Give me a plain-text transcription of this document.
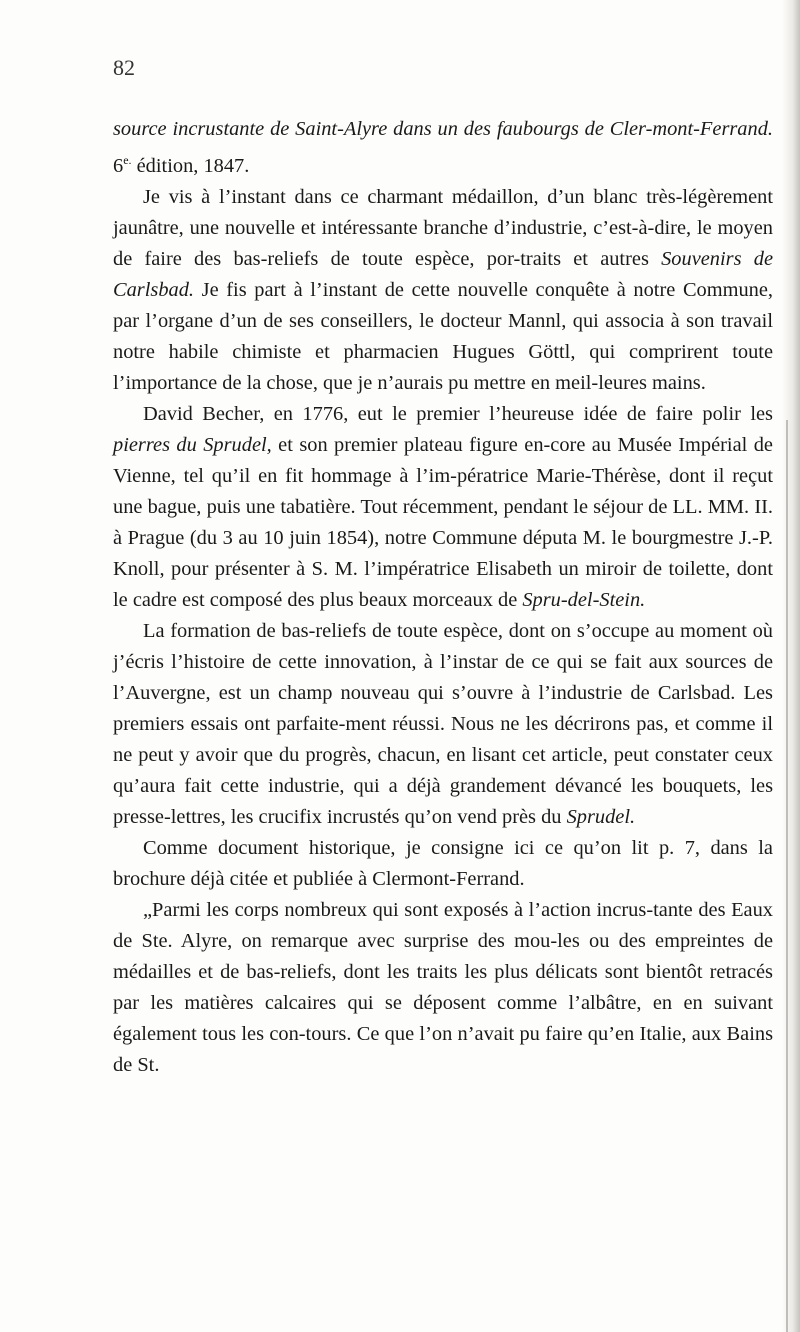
82

source incrustante de Saint-Alyre dans un des faubourgs de Cler-mont-Ferrand. $6^{e.}$ édition, 1847.

Je vis à l’instant dans ce charmant médaillon, d’un blanc très-légèrement jaunâtre, une nouvelle et intéressante branche d’industrie, c’est-à-dire, le moyen de faire des bas-reliefs de toute espèce, por-traits et autres Souvenirs de Carlsbad. Je fis part à l’instant de cette nouvelle conquête à notre Commune, par l’organe d’un de ses conseillers, le docteur Mannl, qui associa à son travail notre habile chimiste et pharmacien Hugues Göttl, qui comprirent toute l’importance de la chose, que je n’aurais pu mettre en meil-leures mains.

David Becher, en 1776, eut le premier l’heureuse idée de faire polir les pierres du Sprudel, et son premier plateau figure en-core au Musée Impérial de Vienne, tel qu’il en fit hommage à l’im-pératrice Marie-Thérèse, dont il reçut une bague, puis une tabatière. Tout récemment, pendant le séjour de LL. MM. II. à Prague (du 3 au 10 juin 1854), notre Commune députa M. le bourgmestre J.-P. Knoll, pour présenter à S. M. l’impératrice Elisabeth un miroir de toilette, dont le cadre est composé des plus beaux morceaux de Spru-del-Stein.

La formation de bas-reliefs de toute espèce, dont on s’occupe au moment où j’écris l’histoire de cette innovation, à l’instar de ce qui se fait aux sources de l’Auvergne, est un champ nouveau qui s’ouvre à l’industrie de Carlsbad. Les premiers essais ont parfaite-ment réussi. Nous ne les décrirons pas, et comme il ne peut y avoir que du progrès, chacun, en lisant cet article, peut constater ceux qu’aura fait cette industrie, qui a déjà grandement dévancé les bouquets, les presse-lettres, les crucifix incrustés qu’on vend près du Sprudel.

Comme document historique, je consigne ici ce qu’on lit p. 7, dans la brochure déjà citée et publiée à Clermont-Ferrand.

„Parmi les corps nombreux qui sont exposés à l’action incrus-tante des Eaux de Ste. Alyre, on remarque avec surprise des mou-les ou des empreintes de médailles et de bas-reliefs, dont les traits les plus délicats sont bientôt retracés par les matières calcaires qui se déposent comme l’albâtre, en en suivant également tous les con-tours. Ce que l’on n’avait pu faire qu’en Italie, aux Bains de St.
